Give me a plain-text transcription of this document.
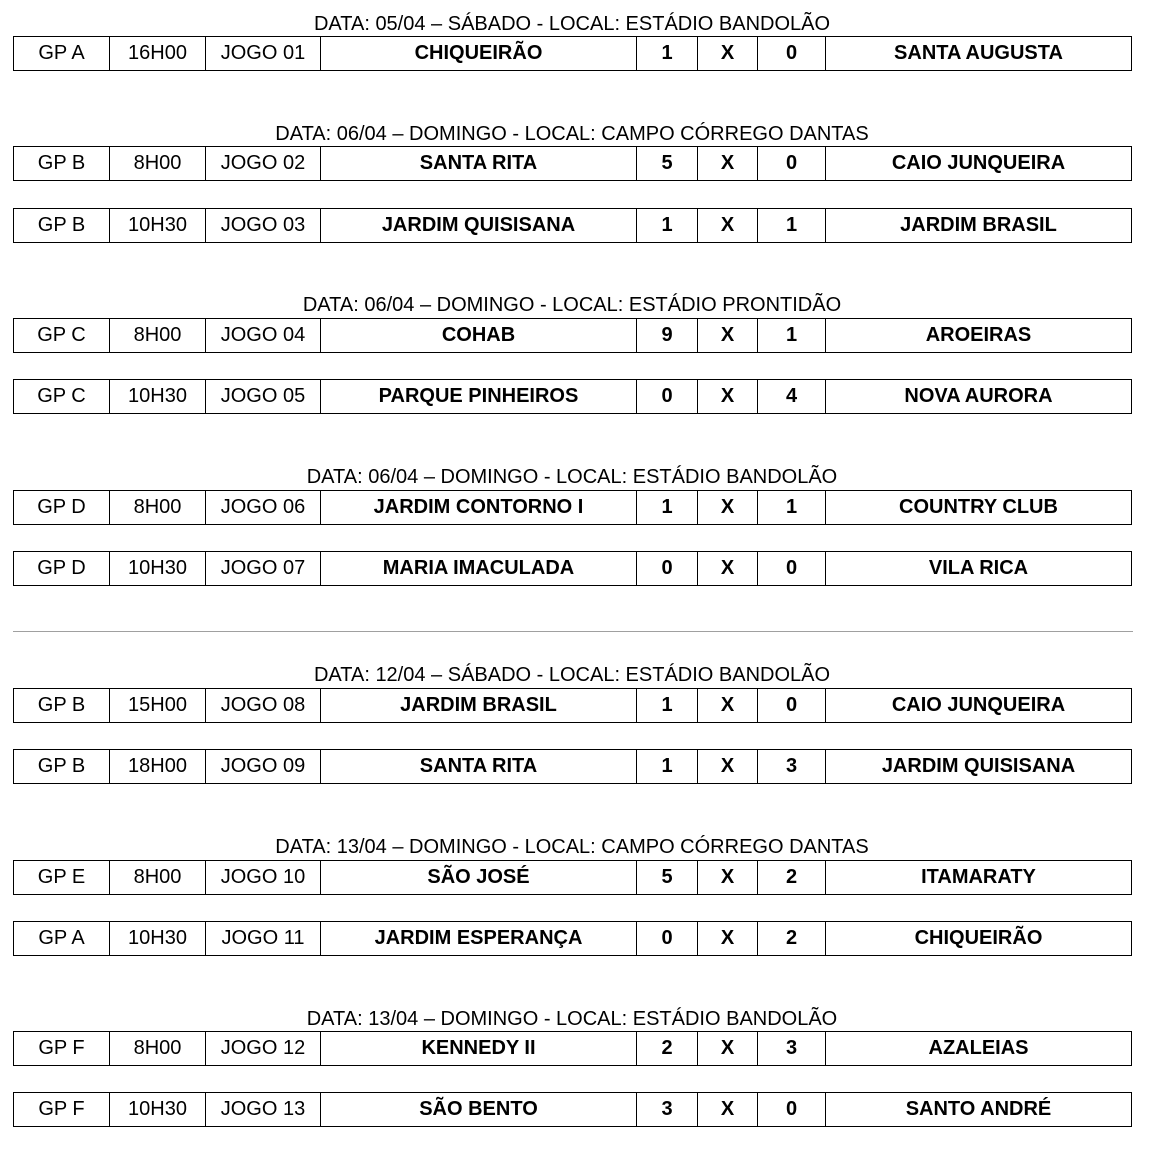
DATA: 05/04 – SÁBADO - LOCAL: ESTÁDIO BANDOLÃO
GP A	16H00	JOGO 01	CHIQUEIRÃO	1	X	0	SANTA AUGUSTA
DATA: 06/04 – DOMINGO - LOCAL: CAMPO CÓRREGO DANTAS
GP B	8H00	JOGO 02	SANTA RITA	5	X	0	CAIO JUNQUEIRA
GP B	10H30	JOGO 03	JARDIM QUISISANA	1	X	1	JARDIM BRASIL
DATA: 06/04 – DOMINGO - LOCAL: ESTÁDIO PRONTIDÃO
GP C	8H00	JOGO 04	COHAB	9	X	1	AROEIRAS
GP C	10H30	JOGO 05	PARQUE PINHEIROS	0	X	4	NOVA AURORA
DATA: 06/04 – DOMINGO - LOCAL: ESTÁDIO BANDOLÃO
GP D	8H00	JOGO 06	JARDIM CONTORNO I	1	X	1	COUNTRY CLUB
GP D	10H30	JOGO 07	MARIA IMACULADA	0	X	0	VILA RICA
DATA: 12/04 – SÁBADO - LOCAL: ESTÁDIO BANDOLÃO
GP B	15H00	JOGO 08	JARDIM BRASIL	1	X	0	CAIO JUNQUEIRA
GP B	18H00	JOGO 09	SANTA RITA	1	X	3	JARDIM QUISISANA
DATA: 13/04 – DOMINGO - LOCAL: CAMPO CÓRREGO DANTAS
GP E	8H00	JOGO 10	SÃO JOSÉ	5	X	2	ITAMARATY
GP A	10H30	JOGO 11	JARDIM ESPERANÇA	0	X	2	CHIQUEIRÃO
DATA: 13/04 – DOMINGO - LOCAL: ESTÁDIO BANDOLÃO
GP F	8H00	JOGO 12	KENNEDY II	2	X	3	AZALEIAS
GP F	10H30	JOGO 13	SÃO BENTO	3	X	0	SANTO ANDRÉ
